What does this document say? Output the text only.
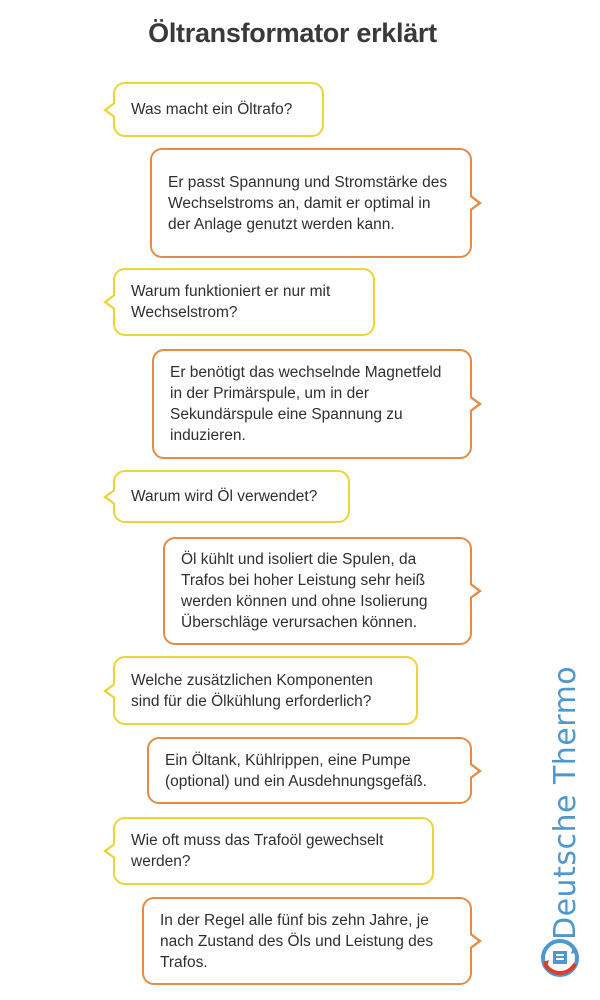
Öltransformator erklärt
Was macht ein Öltrafo?
Er passt Spannung und Stromstärke des Wechselstroms an, damit er optimal in der Anlage genutzt werden kann.
Warum funktioniert er nur mit Wechselstrom?
Er benötigt das wechselnde Magnetfeld in der Primärspule, um in der Sekundärspule eine Spannung zu induzieren.
Warum wird Öl verwendet?
Öl kühlt und isoliert die Spulen, da Trafos bei hoher Leistung sehr heiß werden können und ohne Isolierung Überschläge verursachen können.
Welche zusätzlichen Komponenten sind für die Ölkühlung erforderlich?
Ein Öltank, Kühlrippen, eine Pumpe (optional) und ein Ausdehnungsgefäß.
Wie oft muss das Trafoöl gewechselt werden?
In der Regel alle fünf bis zehn Jahre, je nach Zustand des Öls und Leistung des Trafos.
Deutsche Thermo
